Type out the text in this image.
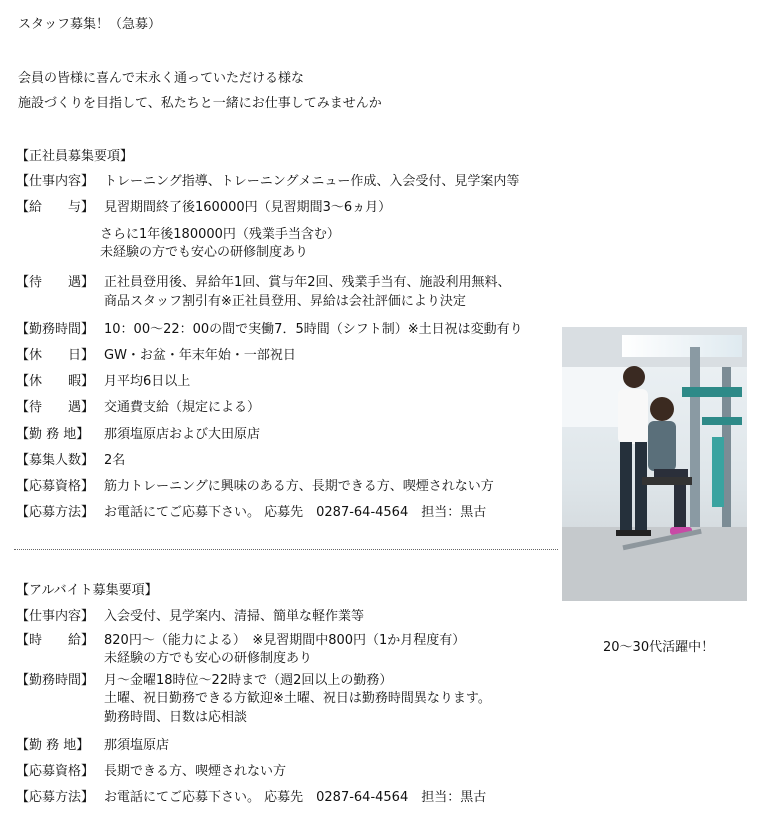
スタッフ募集！（急募）
会員の皆様に喜んで末永く通っていただける様な
施設づくりを目指して、私たちと一緒にお仕事してみませんか
【正社員募集要項】
【仕事内容】 トレーニング指導、トレーニングメニュー作成、入会受付、見学案内等
【給　　与】 見習期間終了後160000円（見習期間3～6ヵ月）
さらに1年後180000円（残業手当含む）
未経験の方でも安心の研修制度あり
【待　　遇】 正社員登用後、昇給年1回、賞与年2回、残業手当有、施設利用無料、
商品スタッフ割引有※正社員登用、昇給は会社評価により決定
【勤務時間】 10：00～22：00の間で実働7．5時間（シフト制）※土日祝は変動有り
【休　　日】 GW・お盆・年末年始・一部祝日
【休　　暇】 月平均6日以上
【待　　遇】 交通費支給（規定による）
【勤 務 地】 那須塩原店および大田原店
【募集人数】 2名
【応募資格】 筋力トレーニングに興味のある方、長期できる方、喫煙されない方
【応募方法】 お電話にてご応募下さい。 応募先　0287-64-4564　担当：黒古
【アルバイト募集要項】
【仕事内容】 入会受付、見学案内、清掃、簡単な軽作業等
【時　　給】 820円～（能力による）　※見習期間中800円（1か月程度有）
未経験の方でも安心の研修制度あり
【勤務時間】 月～金曜18時位～22時まで（週2回以上の勤務）
土曜、祝日勤務できる方歓迎※土曜、祝日は勤務時間異なります。
勤務時間、日数は応相談
【勤 務 地】 那須塩原店
【応募資格】 長期できる方、喫煙されない方
【応募方法】 お電話にてご応募下さい。 応募先　0287-64-4564　担当：黒古
20～30代活躍中！
